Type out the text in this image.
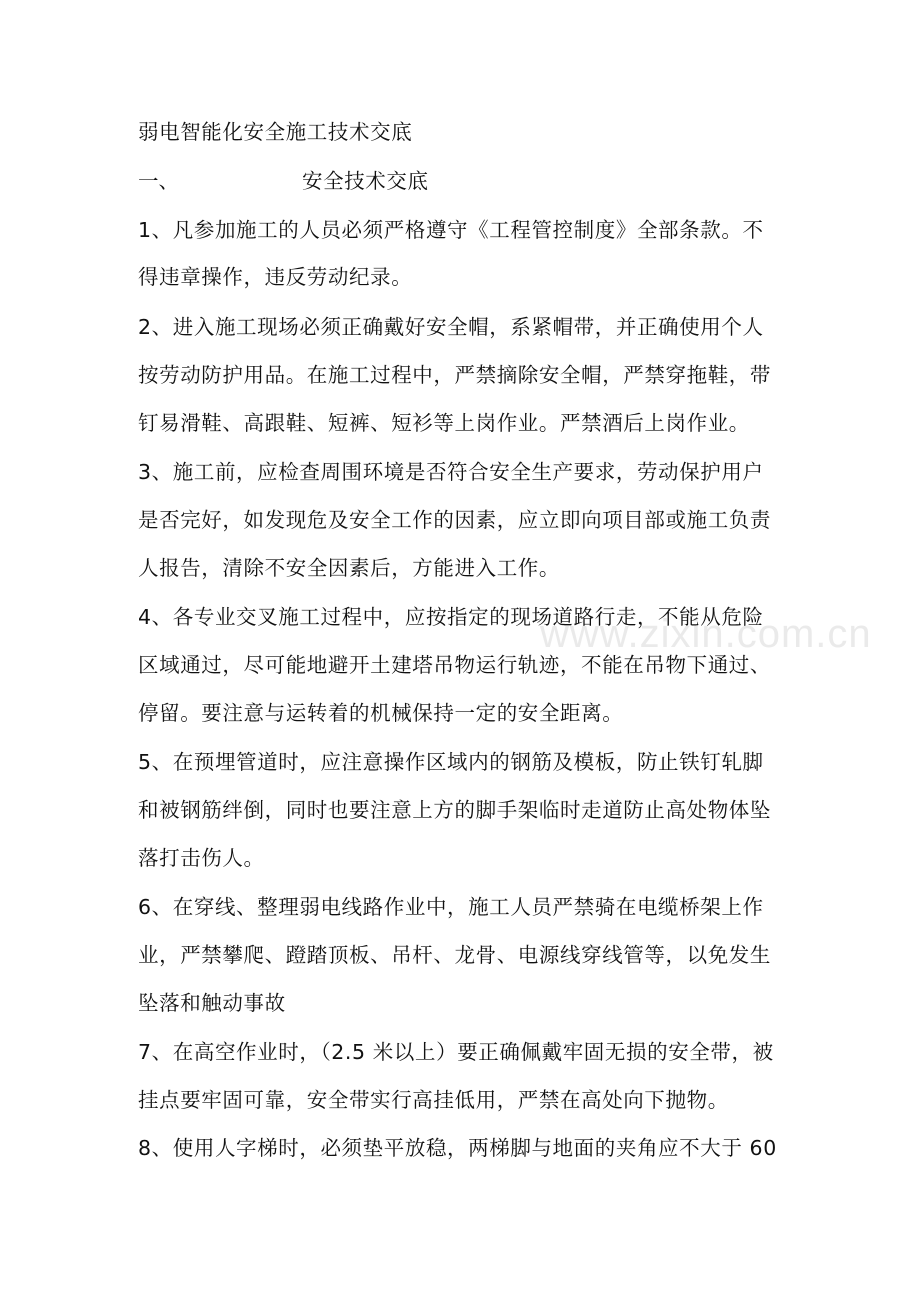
弱电智能化安全施工技术交底
一、	安全技术交底
1、凡参加施工的人员必须严格遵守《工程管控制度》全部条款。不
得违章操作，违反劳动纪录。
2、进入施工现场必须正确戴好安全帽，系紧帽带，并正确使用个人
按劳动防护用品。在施工过程中，严禁摘除安全帽，严禁穿拖鞋，带
钉易滑鞋、高跟鞋、短裤、短衫等上岗作业。严禁酒后上岗作业。
3、施工前，应检查周围环境是否符合安全生产要求，劳动保护用户
是否完好，如发现危及安全工作的因素，应立即向项目部或施工负责
人报告，清除不安全因素后，方能进入工作。
4、各专业交叉施工过程中，应按指定的现场道路行走，不能从危险
区域通过，尽可能地避开土建塔吊物运行轨迹，不能在吊物下通过、
停留。要注意与运转着的机械保持一定的安全距离。
5、在预埋管道时，应注意操作区域内的钢筋及模板，防止铁钉轧脚
和被钢筋绊倒，同时也要注意上方的脚手架临时走道防止高处物体坠
落打击伤人。
6、在穿线、整理弱电线路作业中，施工人员严禁骑在电缆桥架上作
业，严禁攀爬、蹬踏顶板、吊杆、龙骨、电源线穿线管等，以免发生
坠落和触动事故
7、在高空作业时，（2.5 米以上）要正确佩戴牢固无损的安全带，被
挂点要牢固可靠，安全带实行高挂低用，严禁在高处向下抛物。
8、使用人字梯时，必须垫平放稳，两梯脚与地面的夹角应不大于 60
www.zixin.com.cn
